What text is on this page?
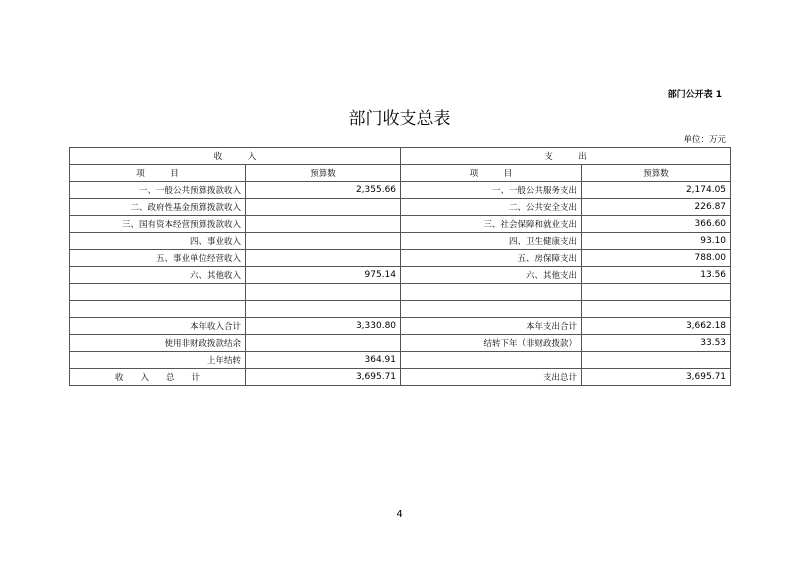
部门公开表 1
部门收支总表
单位：万元
收　　　入		支　　　出	
项　　　目	预算数	项　　　目	预算数
一、一般公共预算拨款收入	2,355.66	一、一般公共服务支出	2,174.05
二、政府性基金预算拨款收入		二、公共安全支出	226.87
三、国有资本经营预算拨款收入		三、社会保障和就业支出	366.60
四、事业收入		四、卫生健康支出	93.10
五、事业单位经营收入		五、房保障支出	788.00
六、其他收入	975.14	六、其他支出	13.56

本年收入合计	3,330.80	本年支出合计	3,662.18
使用非财政拨款结余		结转下年（非财政拨款）	33.53
上年结转	364.91		
收　　入　　总　　计	3,695.71	支出总计	3,695.71
4
